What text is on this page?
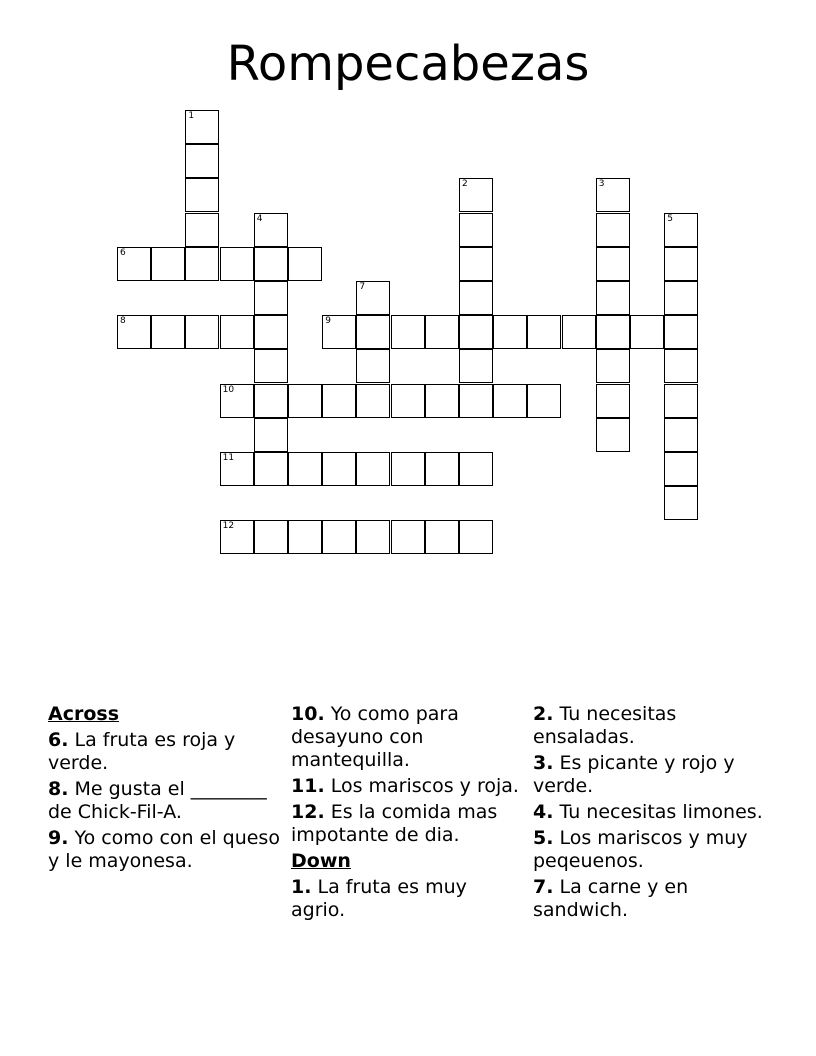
Rompecabezas
6
8	9
10
11
12
1
2	3
4	5
7
Across
6. La fruta es roja y verde.
8. Me gusta el ________ de Chick-Fil-A.
9. Yo como con el queso y le mayonesa.
10. Yo como para desayuno con mantequilla.
11. Los mariscos y roja.
12. Es la comida mas impotante de dia.
Down
1. La fruta es muy agrio.
2. Tu necesitas ensaladas.
3. Es picante y rojo y verde.
4. Tu necesitas limones.
5. Los mariscos y muy peqeuenos.
7. La carne y en sandwich.
